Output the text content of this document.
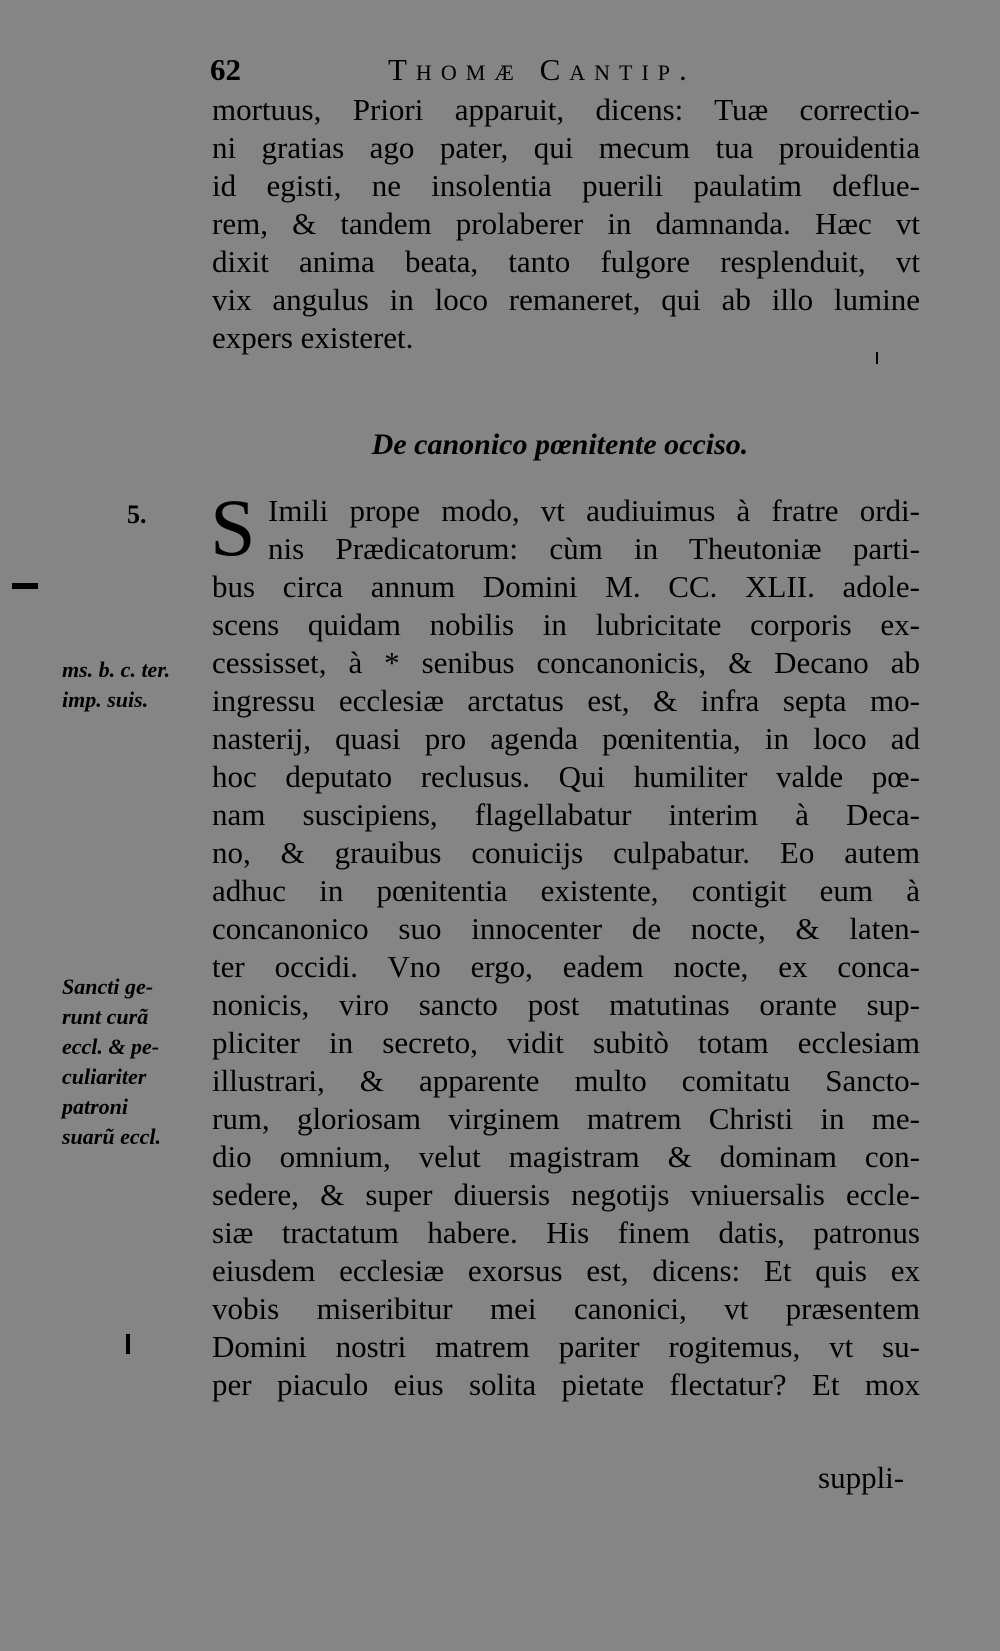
62	Thomæ Cantip.
mortuus, Priori apparuit, dicens: Tuæ correctio-
ni gratias ago pater, qui mecum tua prouidentia
id egisti, ne insolentia puerili paulatim deflue-
rem, & tandem prolaberer in damnanda. Hæc vt
dixit anima beata, tanto fulgore resplenduit, vt
vix angulus in loco remaneret, qui ab illo lumine
expers existeret.
De canonico pœnitente occiso.
5. S Imili prope modo, vt audiuimus à fratre ordi-
nis Prædicatorum: cùm in Theutoniæ parti-
bus circa annum Domini M. CC. XLII. adole-
scens quidam nobilis in lubricitate corporis ex-
cessisset, à * senibus concanonicis, & Decano ab
ingressu ecclesiæ arctatus est, & infra septa mo-
nasterij, quasi pro agenda pœnitentia, in loco ad
hoc deputato reclusus. Qui humiliter valde pœ-
nam suscipiens, flagellabatur interim à Deca-
no, & grauibus conuicijs culpabatur. Eo autem
adhuc in pœnitentia existente, contigit eum à
concanonico suo innocenter de nocte, & laten-
ter occidi. Vno ergo, eadem nocte, ex conca-
nonicis, viro sancto post matutinas orante sup-
pliciter in secreto, vidit subitò totam ecclesiam
illustrari, & apparente multo comitatu Sancto-
rum, gloriosam virginem matrem Christi in me-
dio omnium, velut magistram & dominam con-
sedere, & super diuersis negotijs vniuersalis eccle-
siæ tractatum habere. His finem datis, patronus
eiusdem ecclesiæ exorsus est, dicens: Et quis ex
vobis miseribitur mei canonici, vt præsentem
Domini nostri matrem pariter rogitemus, vt su-
per piaculo eius solita pietate flectatur? Et mox
suppli-
ms. b. c. ter.
imp. suis.
Sancti ge-
runt curã
eccl. & pe-
culiariter
patroni
suarũ eccl.
